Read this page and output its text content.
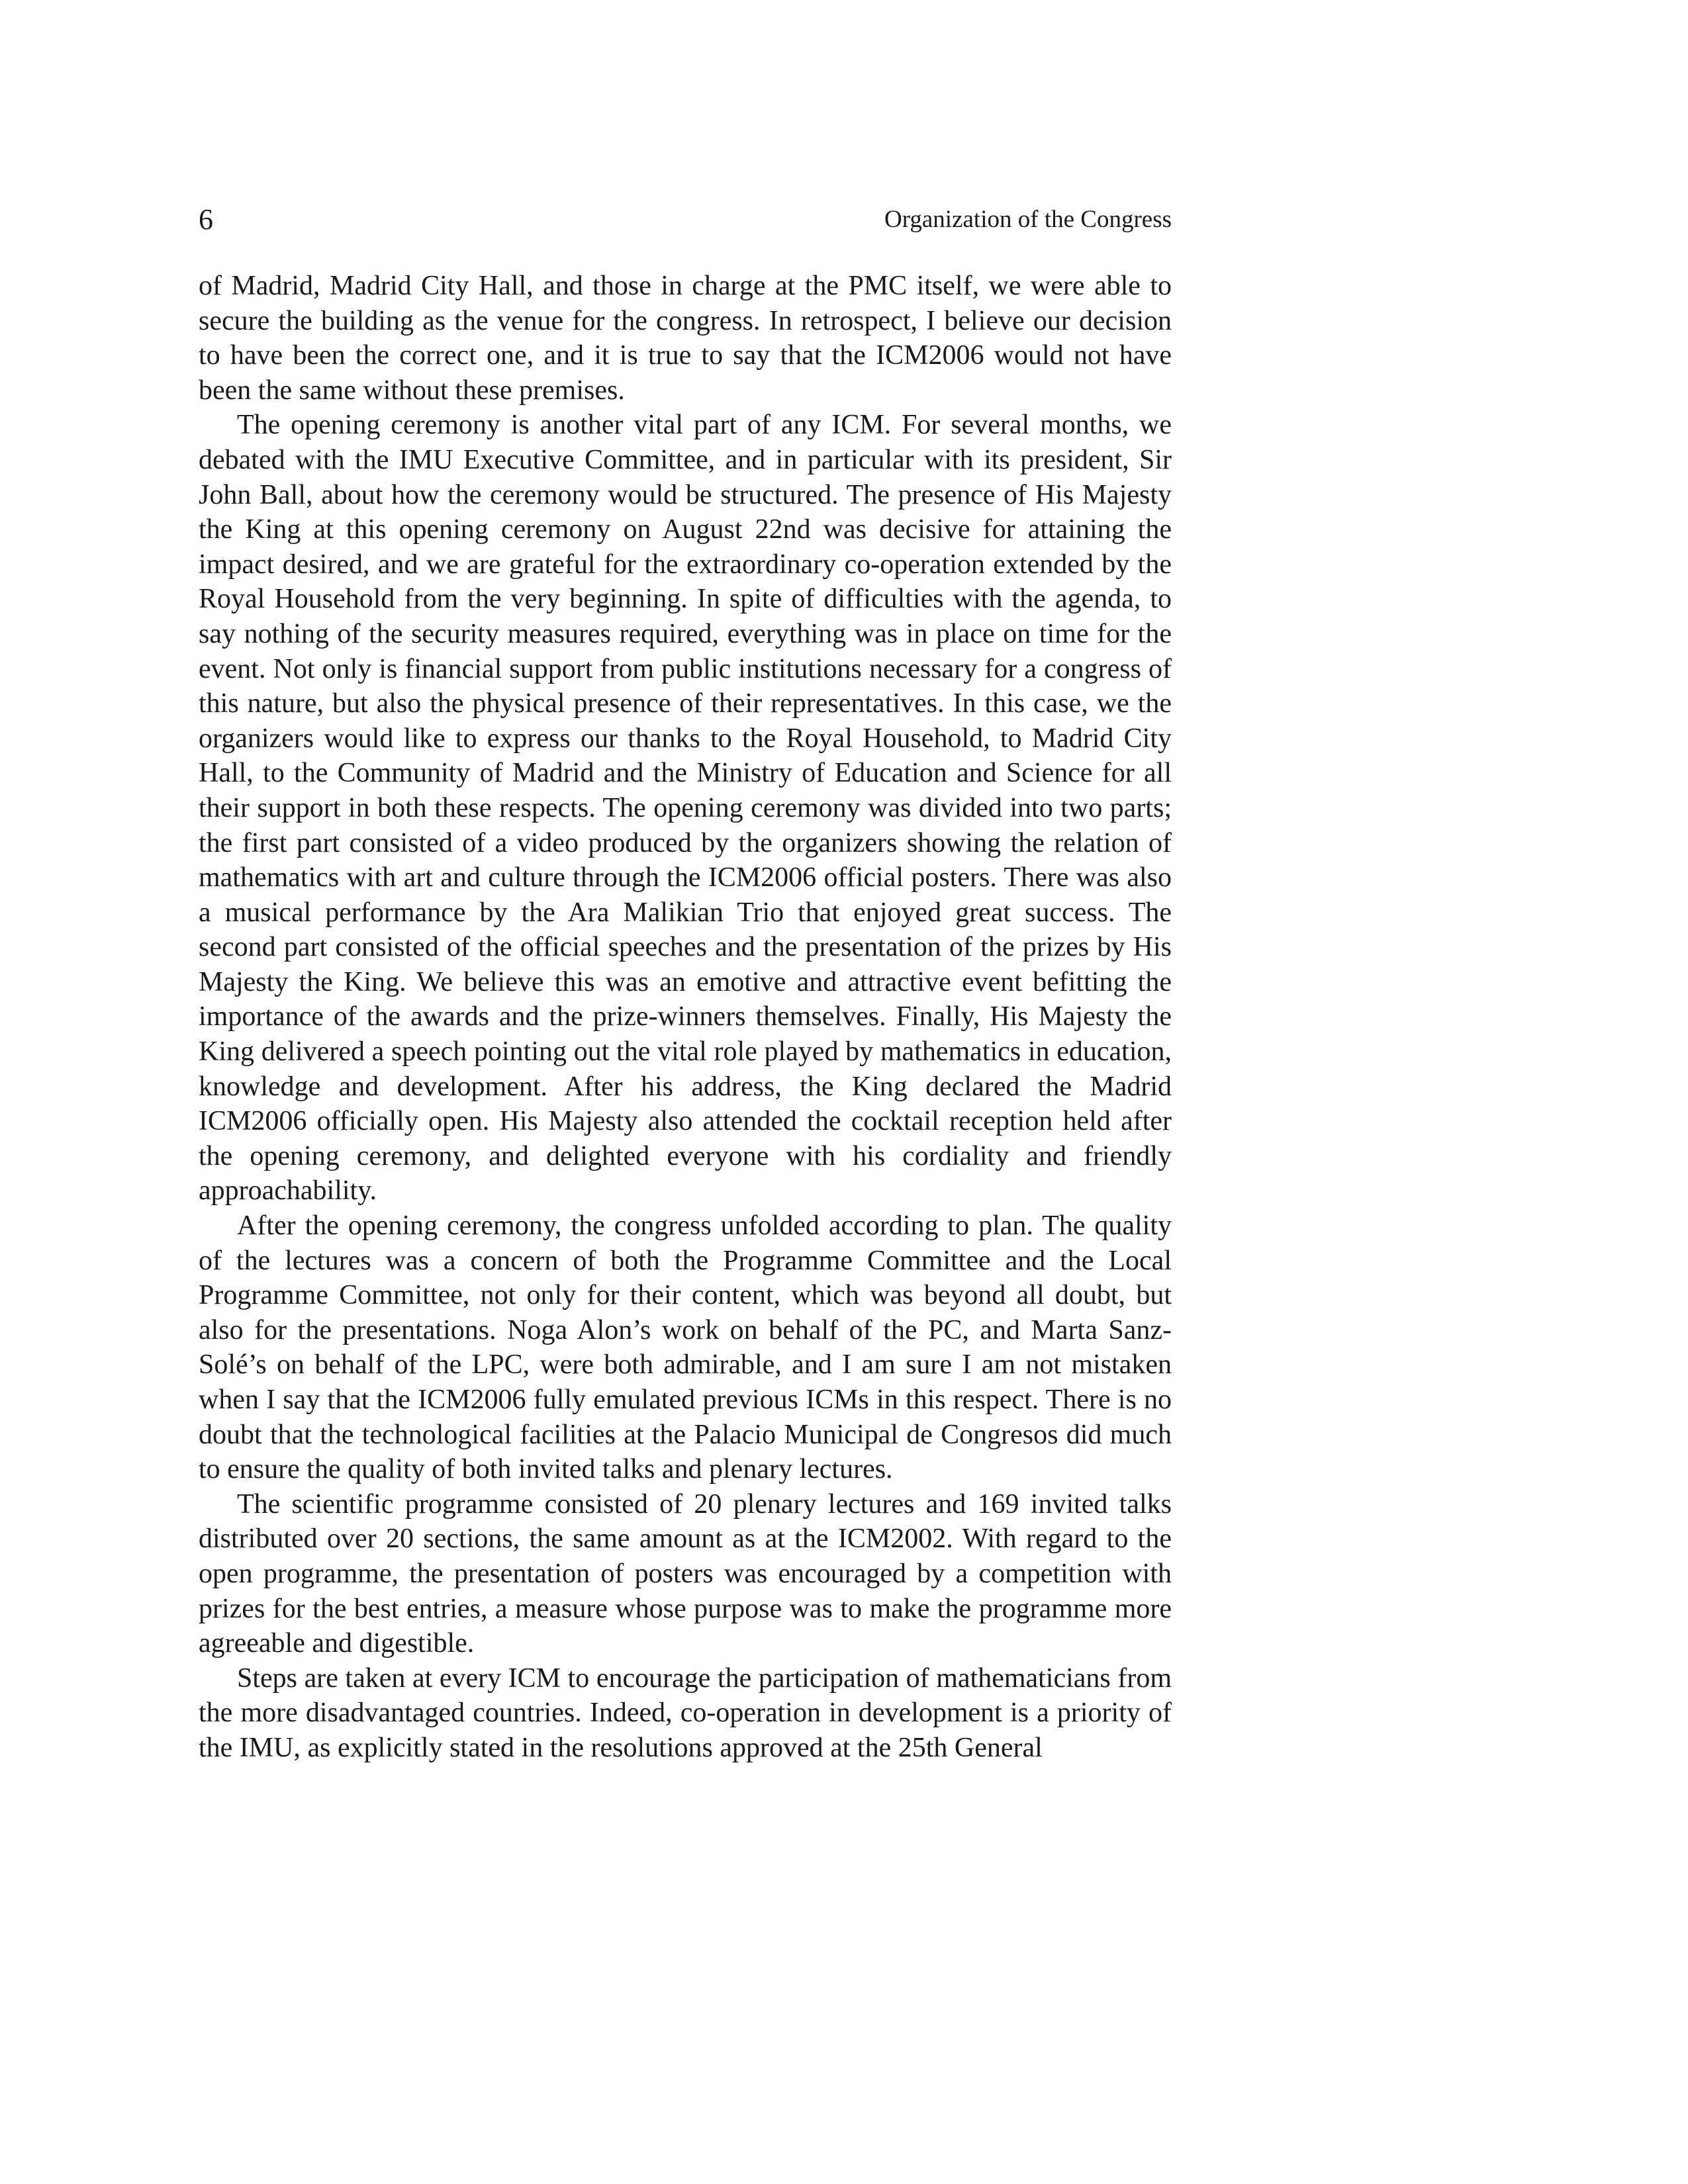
6	Organization of the Congress

of Madrid, Madrid City Hall, and those in charge at the PMC itself, we were able to secure the building as the venue for the congress. In retrospect, I believe our decision to have been the correct one, and it is true to say that the ICM2006 would not have been the same without these premises.

The opening ceremony is another vital part of any ICM. For several months, we debated with the IMU Executive Committee, and in particular with its president, Sir John Ball, about how the ceremony would be structured. The presence of His Majesty the King at this opening ceremony on August 22nd was decisive for attaining the impact desired, and we are grateful for the extraordinary co-operation extended by the Royal Household from the very beginning. In spite of difficulties with the agenda, to say nothing of the security measures required, everything was in place on time for the event. Not only is financial support from public institutions necessary for a congress of this nature, but also the physical presence of their representatives. In this case, we the organizers would like to express our thanks to the Royal Household, to Madrid City Hall, to the Community of Madrid and the Ministry of Education and Science for all their support in both these respects. The opening ceremony was divided into two parts; the first part consisted of a video produced by the organizers showing the relation of mathematics with art and culture through the ICM2006 official posters. There was also a musical performance by the Ara Malikian Trio that enjoyed great success. The second part consisted of the official speeches and the presentation of the prizes by His Majesty the King. We believe this was an emotive and attractive event befitting the importance of the awards and the prize-winners themselves. Finally, His Majesty the King delivered a speech pointing out the vital role played by mathematics in education, knowledge and development. After his address, the King declared the Madrid ICM2006 officially open. His Majesty also attended the cocktail reception held after the opening ceremony, and delighted everyone with his cordiality and friendly approachability.

After the opening ceremony, the congress unfolded according to plan. The quality of the lectures was a concern of both the Programme Committee and the Local Programme Committee, not only for their content, which was beyond all doubt, but also for the presentations. Noga Alon’s work on behalf of the PC, and Marta Sanz-Solé’s on behalf of the LPC, were both admirable, and I am sure I am not mistaken when I say that the ICM2006 fully emulated previous ICMs in this respect. There is no doubt that the technological facilities at the Palacio Municipal de Congresos did much to ensure the quality of both invited talks and plenary lectures.

The scientific programme consisted of 20 plenary lectures and 169 invited talks distributed over 20 sections, the same amount as at the ICM2002. With regard to the open programme, the presentation of posters was encouraged by a competition with prizes for the best entries, a measure whose purpose was to make the programme more agreeable and digestible.

Steps are taken at every ICM to encourage the participation of mathematicians from the more disadvantaged countries. Indeed, co-operation in development is a priority of the IMU, as explicitly stated in the resolutions approved at the 25th General
